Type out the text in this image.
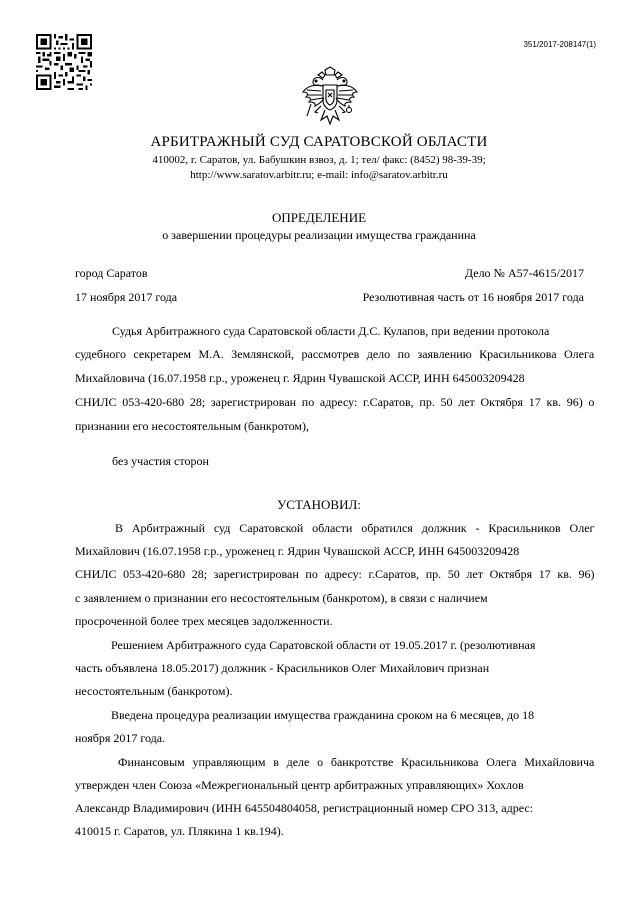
351/2017-208147(1)
АРБИТРАЖНЫЙ СУД САРАТОВСКОЙ ОБЛАСТИ
410002, г. Саратов, ул. Бабушкин взвоз, д. 1; тел/ факс: (8452) 98-39-39;
http://www.saratov.arbitr.ru; e-mail: info@saratov.arbitr.ru
ОПРЕДЕЛЕНИЕ
о завершении процедуры реализации имущества гражданина
город Саратов	Дело № А57-4615/2017
17 ноября 2017 года	Резолютивная часть от 16 ноября 2017 года
Судья Арбитражного суда Саратовской области Д.С. Кулапов, при ведении протокола
судебного секретарем М.А. Землянской, рассмотрев дело по заявлению Красильникова Олега
Михайловича (16.07.1958 г.р., уроженец г. Ядрин Чувашской АССР, ИНН 645003209428
СНИЛС 053-420-680 28; зарегистрирован по адресу: г.Саратов, пр. 50 лет Октября 17 кв. 96) о
признании его несостоятельным (банкротом),
без участия сторон
УСТАНОВИЛ:
В Арбитражный суд Саратовской области обратился должник - Красильников Олег
Михайлович (16.07.1958 г.р., уроженец г. Ядрин Чувашской АССР, ИНН 645003209428
СНИЛС 053-420-680 28; зарегистрирован по адресу: г.Саратов, пр. 50 лет Октября 17 кв. 96)
с заявлением о признании его несостоятельным (банкротом), в связи с наличием
просроченной более трех месяцев задолженности.
Решением Арбитражного суда Саратовской области от 19.05.2017 г. (резолютивная
часть объявлена 18.05.2017) должник - Красильников Олег Михайлович признан
несостоятельным (банкротом).
Введена процедура реализации имущества гражданина сроком на 6 месяцев, до 18
ноября 2017 года.
Финансовым управляющим в деле о банкротстве Красильникова Олега Михайловича
утвержден член Союза «Межрегиональный центр арбитражных управляющих» Хохлов
Александр Владимирович (ИНН 645504804058, регистрационный номер СРО 313, адрес:
410015 г. Саратов, ул. Плякина 1 кв.194).
